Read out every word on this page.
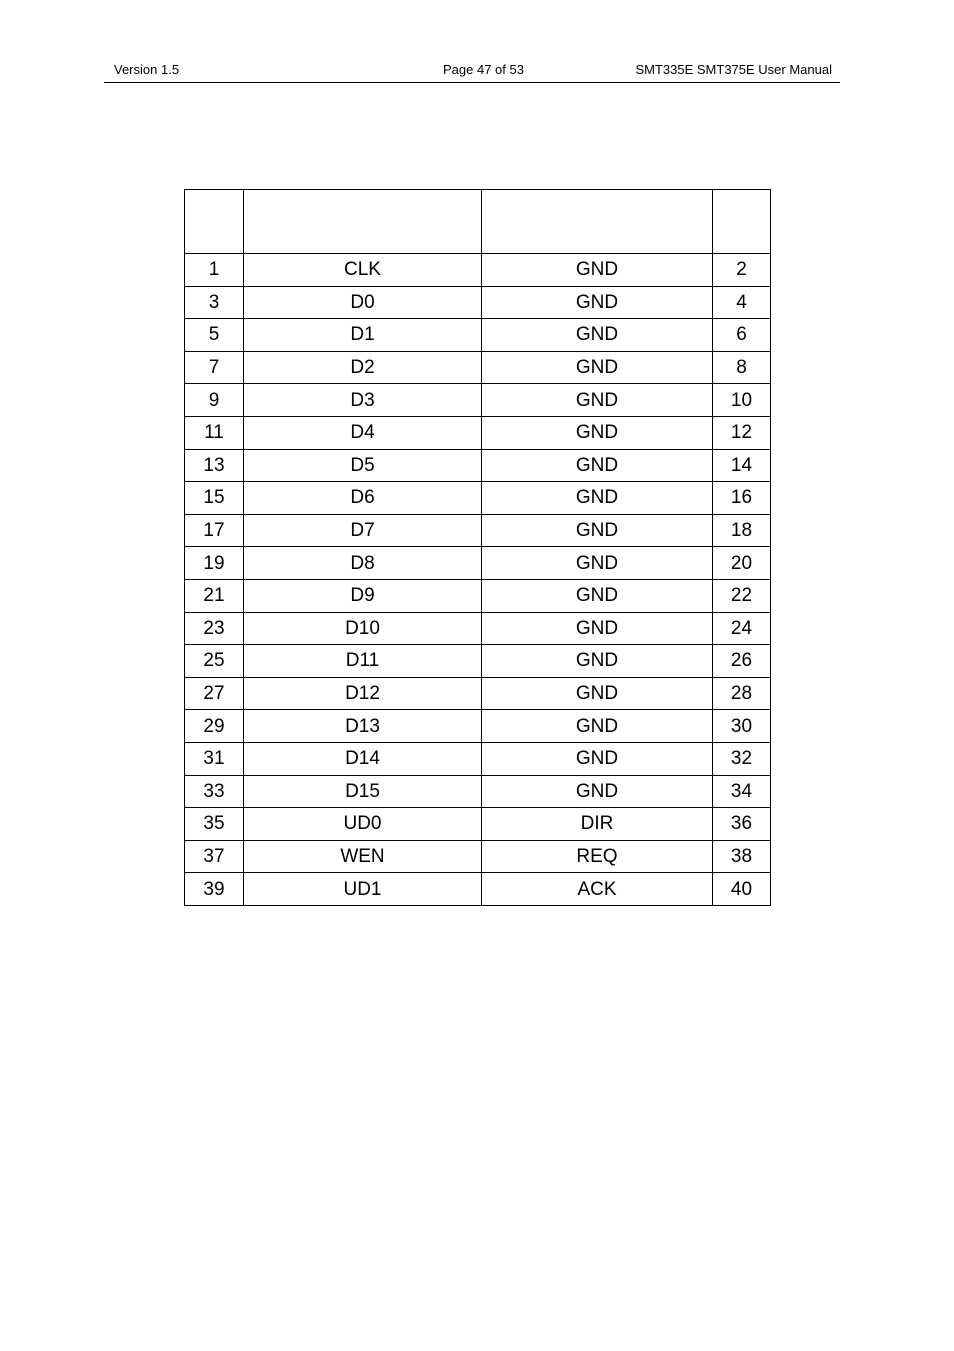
Version 1.5	Page 47 of 53	SMT335E SMT375E User Manual

1	CLK	GND	2
3	D0	GND	4
5	D1	GND	6
7	D2	GND	8
9	D3	GND	10
11	D4	GND	12
13	D5	GND	14
15	D6	GND	16
17	D7	GND	18
19	D8	GND	20
21	D9	GND	22
23	D10	GND	24
25	D11	GND	26
27	D12	GND	28
29	D13	GND	30
31	D14	GND	32
33	D15	GND	34
35	UD0	DIR	36
37	WEN	REQ	38
39	UD1	ACK	40
